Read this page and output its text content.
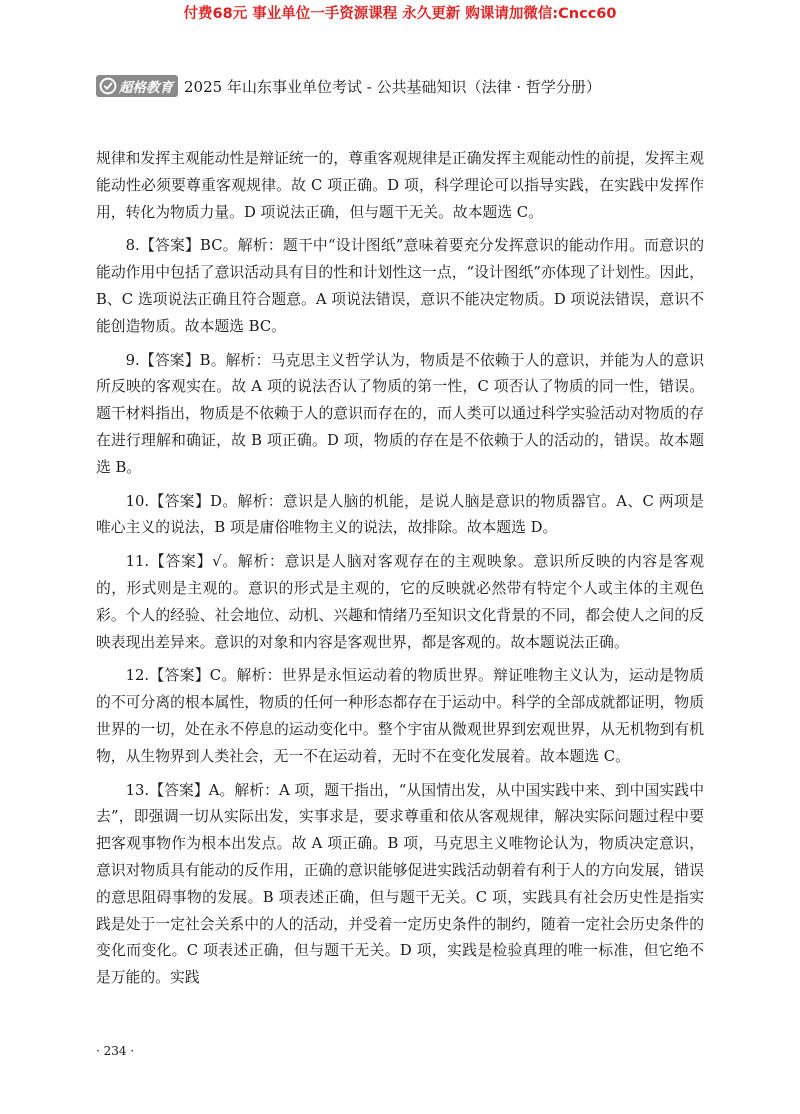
付费68元 事业单位一手资源课程 永久更新 购课请加微信:Cncc60
超格教育 2025 年山东事业单位考试 - 公共基础知识（法律 · 哲学分册）

规律和发挥主观能动性是辩证统一的，尊重客观规律是正确发挥主观能动性的前提，发挥主观能动性必须要尊重客观规律。故 C 项正确。D 项，科学理论可以指导实践，在实践中发挥作用，转化为物质力量。D 项说法正确，但与题干无关。故本题选 C。

8.【答案】BC。解析：题干中“设计图纸”意味着要充分发挥意识的能动作用。而意识的能动作用中包括了意识活动具有目的性和计划性这一点，“设计图纸”亦体现了计划性。因此，B、C 选项说法正确且符合题意。A 项说法错误，意识不能决定物质。D 项说法错误，意识不能创造物质。故本题选 BC。

9.【答案】B。解析：马克思主义哲学认为，物质是不依赖于人的意识，并能为人的意识所反映的客观实在。故 A 项的说法否认了物质的第一性，C 项否认了物质的同一性，错误。题干材料指出，物质是不依赖于人的意识而存在的，而人类可以通过科学实验活动对物质的存在进行理解和确证，故 B 项正确。D 项，物质的存在是不依赖于人的活动的，错误。故本题选 B。

10.【答案】D。解析：意识是人脑的机能，是说人脑是意识的物质器官。A、C 两项是唯心主义的说法，B 项是庸俗唯物主义的说法，故排除。故本题选 D。

11.【答案】√。解析：意识是人脑对客观存在的主观映象。意识所反映的内容是客观的，形式则是主观的。意识的形式是主观的，它的反映就必然带有特定个人或主体的主观色彩。个人的经验、社会地位、动机、兴趣和情绪乃至知识文化背景的不同，都会使人之间的反映表现出差异来。意识的对象和内容是客观世界，都是客观的。故本题说法正确。

12.【答案】C。解析：世界是永恒运动着的物质世界。辩证唯物主义认为，运动是物质的不可分离的根本属性，物质的任何一种形态都存在于运动中。科学的全部成就都证明，物质世界的一切，处在永不停息的运动变化中。整个宇宙从微观世界到宏观世界，从无机物到有机物，从生物界到人类社会，无一不在运动着，无时不在变化发展着。故本题选 C。

13.【答案】A。解析：A 项，题干指出，“从国情出发，从中国实践中来、到中国实践中去”，即强调一切从实际出发，实事求是，要求尊重和依从客观规律，解决实际问题过程中要把客观事物作为根本出发点。故 A 项正确。B 项，马克思主义唯物论认为，物质决定意识，意识对物质具有能动的反作用，正确的意识能够促进实践活动朝着有利于人的方向发展，错误的意思阻碍事物的发展。B 项表述正确，但与题干无关。C 项，实践具有社会历史性是指实践是处于一定社会关系中的人的活动，并受着一定历史条件的制约，随着一定社会历史条件的变化而变化。C 项表述正确，但与题干无关。D 项，实践是检验真理的唯一标准，但它绝不是万能的。实践

· 234 ·
